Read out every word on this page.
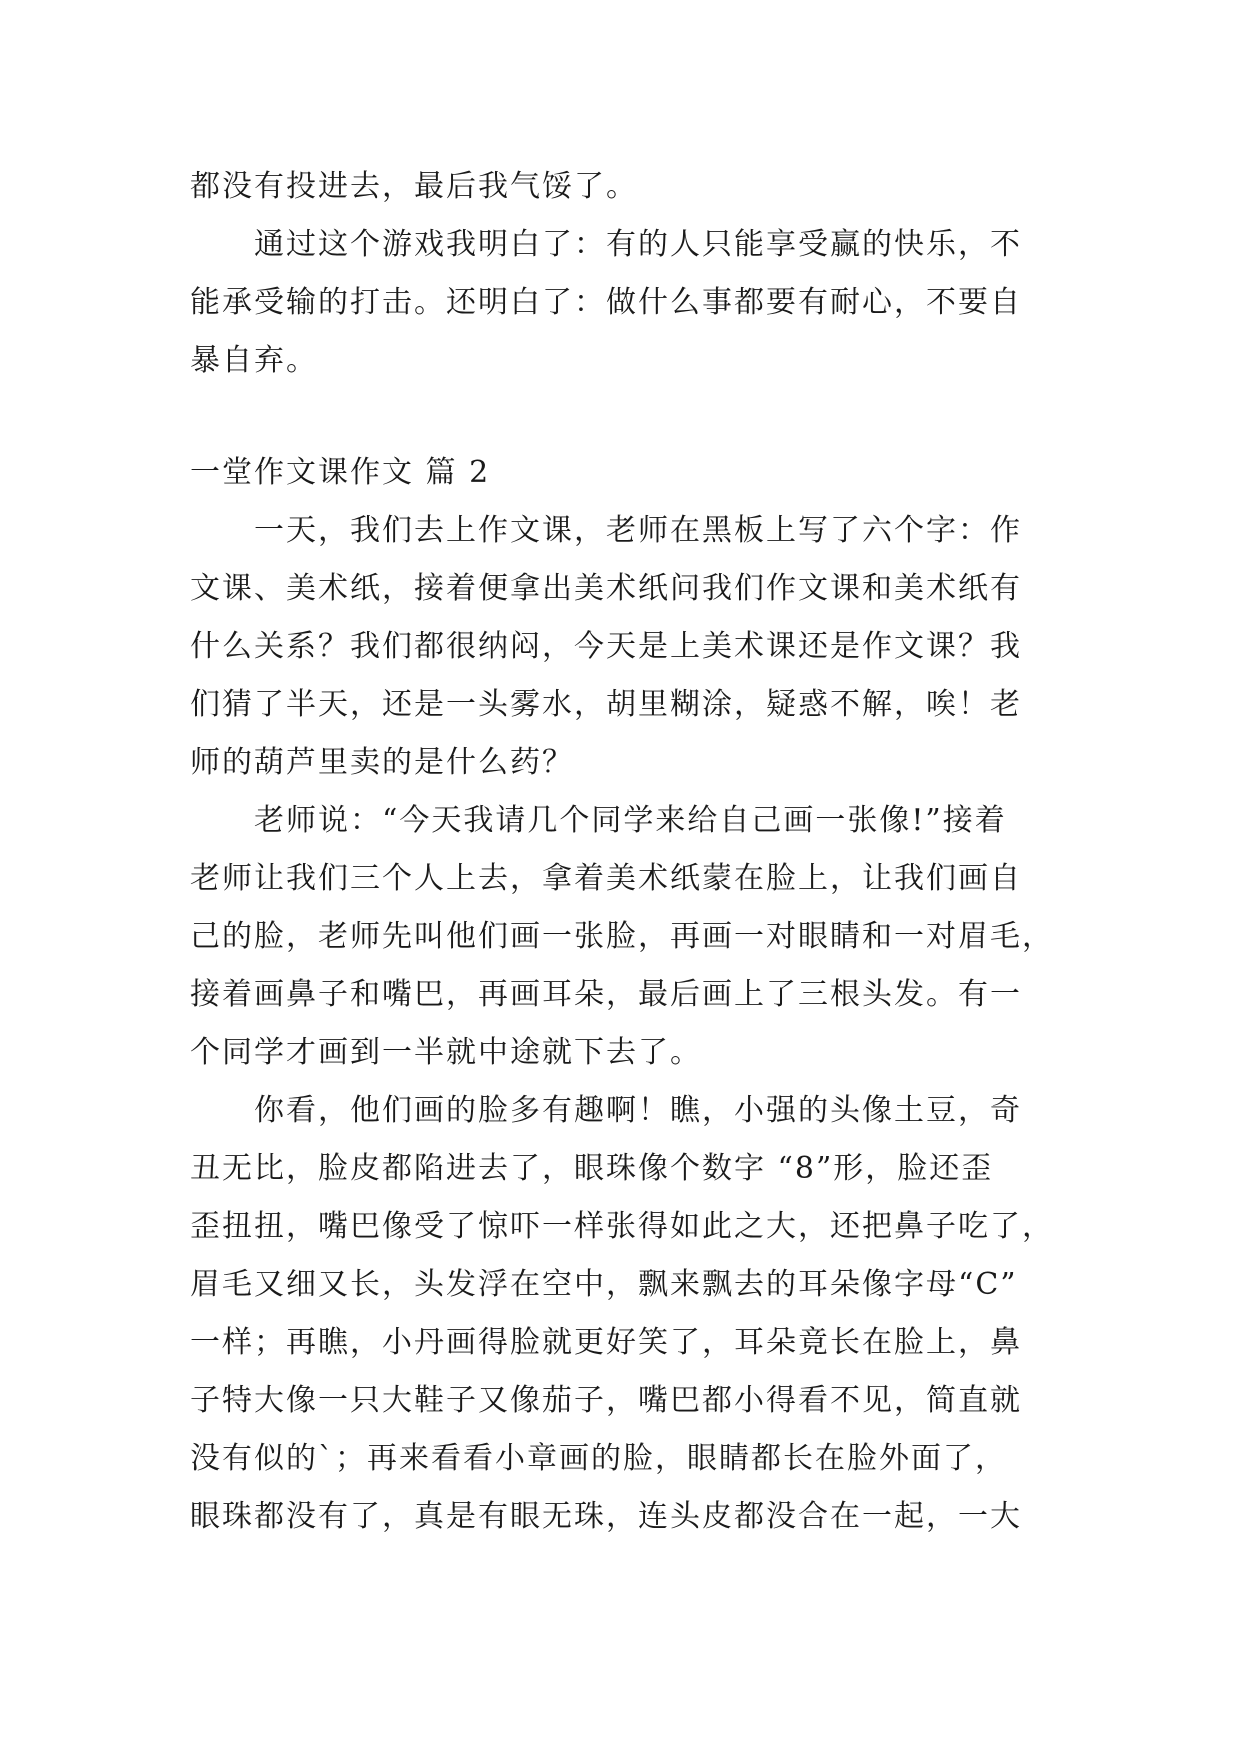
都没有投进去，最后我气馁了。
通过这个游戏我明白了：有的人只能享受赢的快乐，不
能承受输的打击。还明白了：做什么事都要有耐心，不要自
暴自弃。
一堂作文课作文 篇 2
一天，我们去上作文课，老师在黑板上写了六个字：作
文课、美术纸，接着便拿出美术纸问我们作文课和美术纸有
什么关系？我们都很纳闷，今天是上美术课还是作文课？我
们猜了半天，还是一头雾水，胡里糊涂，疑惑不解，唉！老
师的葫芦里卖的是什么药？
老师说：“今天我请几个同学来给自己画一张像!”接着
老师让我们三个人上去，拿着美术纸蒙在脸上，让我们画自
己的脸，老师先叫他们画一张脸，再画一对眼睛和一对眉毛，
接着画鼻子和嘴巴，再画耳朵，最后画上了三根头发。有一
个同学才画到一半就中途就下去了。
你看，他们画的脸多有趣啊！瞧，小强的头像土豆，奇
丑无比，脸皮都陷进去了，眼珠像个数字 “8”形，脸还歪
歪扭扭，嘴巴像受了惊吓一样张得如此之大，还把鼻子吃了，
眉毛又细又长，头发浮在空中，飘来飘去的耳朵像字母“C”
一样；再瞧，小丹画得脸就更好笑了，耳朵竟长在脸上，鼻
子特大像一只大鞋子又像茄子，嘴巴都小得看不见，简直就
没有似的`；再来看看小章画的脸，眼睛都长在脸外面了，
眼珠都没有了，真是有眼无珠，连头皮都没合在一起，一大
